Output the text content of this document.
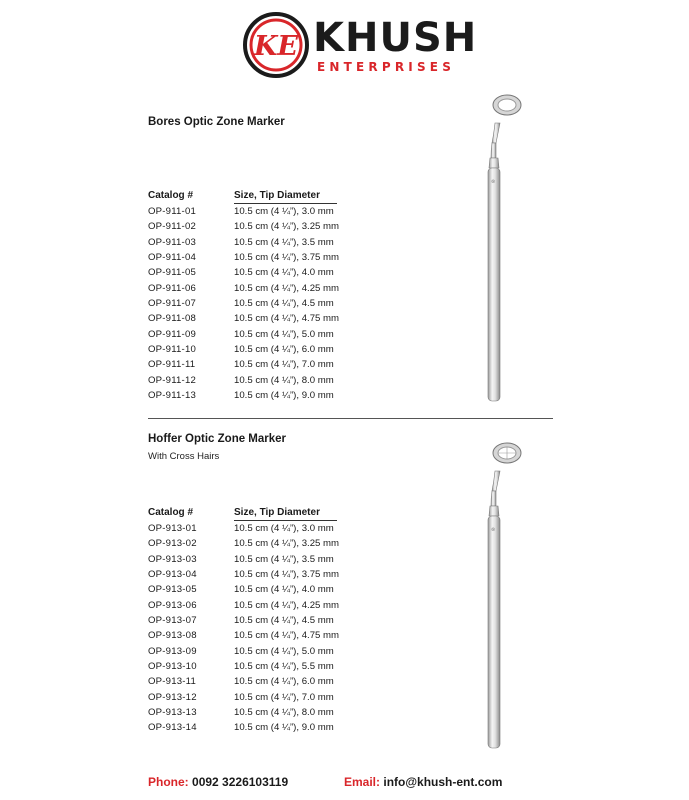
KE KHUSH
ENTERPRISES
Bores Optic Zone Marker
Catalog #	Size, Tip Diameter
OP-911-01	10.5 cm (4 ¼”), 3.0 mm
OP-911-02	10.5 cm (4 ¼”), 3.25 mm
OP-911-03	10.5 cm (4 ¼”), 3.5 mm
OP-911-04	10.5 cm (4 ¼”), 3.75 mm
OP-911-05	10.5 cm (4 ¼”), 4.0 mm
OP-911-06	10.5 cm (4 ¼”), 4.25 mm
OP-911-07	10.5 cm (4 ¼”), 4.5 mm
OP-911-08	10.5 cm (4 ¼”), 4.75 mm
OP-911-09	10.5 cm (4 ¼”), 5.0 mm
OP-911-10	10.5 cm (4 ¼”), 6.0 mm
OP-911-11	10.5 cm (4 ¼”), 7.0 mm
OP-911-12	10.5 cm (4 ¼”), 8.0 mm
OP-911-13	10.5 cm (4 ¼”), 9.0 mm
⊗
Hoffer Optic Zone Marker
With Cross Hairs
Catalog #	Size, Tip Diameter
OP-913-01	10.5 cm (4 ¼”), 3.0 mm
OP-913-02	10.5 cm (4 ¼”), 3.25 mm
OP-913-03	10.5 cm (4 ¼”), 3.5 mm
OP-913-04	10.5 cm (4 ¼”), 3.75 mm
OP-913-05	10.5 cm (4 ¼”), 4.0 mm
OP-913-06	10.5 cm (4 ¼”), 4.25 mm
OP-913-07	10.5 cm (4 ¼”), 4.5 mm
OP-913-08	10.5 cm (4 ¼”), 4.75 mm
OP-913-09	10.5 cm (4 ¼”), 5.0 mm
OP-913-10	10.5 cm (4 ¼”), 5.5 mm
OP-913-11	10.5 cm (4 ¼”), 6.0 mm
OP-913-12	10.5 cm (4 ¼”), 7.0 mm
OP-913-13	10.5 cm (4 ¼”), 8.0 mm
OP-913-14	10.5 cm (4 ¼”), 9.0 mm
⊗
Phone: 0092 3226103119	Email: info@khush-ent.com
